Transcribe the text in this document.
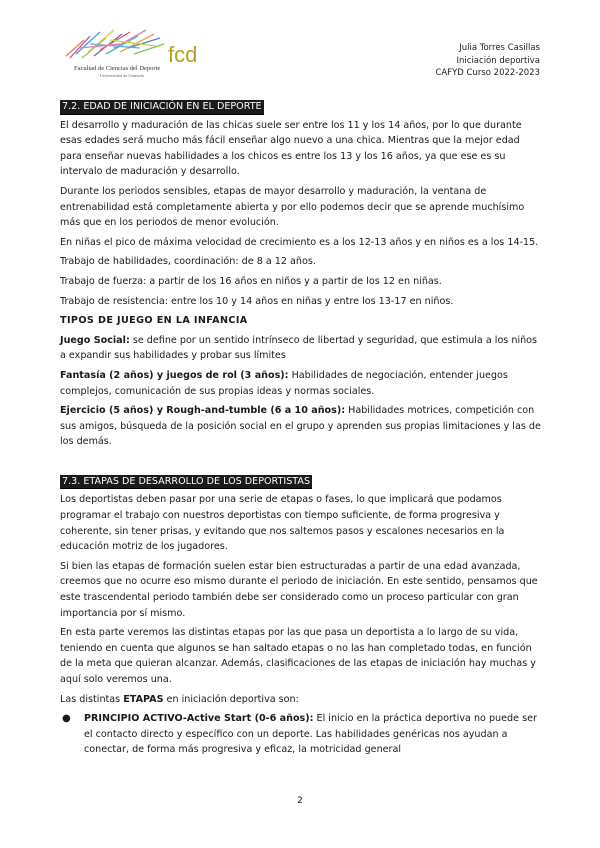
fcd
Facultad de Ciencias del Deporte
Universidad de Granada
Julia Torres Casillas
Iniciación deportiva
CAFYD Curso 2022-2023
7.2. EDAD DE INICIACIÓN EN EL DEPORTE

El desarrollo y maduración de las chicas suele ser entre los 11 y los 14 años, por lo que durante esas edades será mucho más fácil enseñar algo nuevo a una chica. Mientras que la mejor edad para enseñar nuevas habilidades a los chicos es entre los 13 y los 16 años, ya que ese es su intervalo de maduración y desarrollo.

Durante los periodos sensibles, etapas de mayor desarrollo y maduración, la ventana de entrenabilidad está completamente abierta y por ello podemos decir que se aprende muchísimo más que en los periodos de menor evolución.

En niñas el pico de máxima velocidad de crecimiento es a los 12-13 años y en niños es a los 14-15.

Trabajo de habilidades, coordinación: de 8 a 12 años.

Trabajo de fuerza: a partir de los 16 años en niños y a partir de los 12 en niñas.

Trabajo de resistencia: entre los 10 y 14 años en niñas y entre los 13-17 en niños.

TIPOS DE JUEGO EN LA INFANCIA

Juego Social: se define por un sentido intrínseco de libertad y seguridad, que estimula a los niños a expandir sus habilidades y probar sus límites

Fantasía (2 años) y juegos de rol (3 años): Habilidades de negociación, entender juegos complejos, comunicación de sus propias ideas y normas sociales.

Ejercicio (5 años) y Rough-and-tumble (6 a 10 años): Habilidades motrices, competición con sus amigos, búsqueda de la posición social en el grupo y aprenden sus propias limitaciones y las de los demás.

7.3. ETAPAS DE DESARROLLO DE LOS DEPORTISTAS

Los deportistas deben pasar por una serie de etapas o fases, lo que implicará que podamos programar el trabajo con nuestros deportistas con tiempo suficiente, de forma progresiva y coherente, sin tener prisas, y evitando que nos saltemos pasos y escalones necesarios en la educación motriz de los jugadores.

Si bien las etapas de formación suelen estar bien estructuradas a partir de una edad avanzada, creemos que no ocurre eso mismo durante el periodo de iniciación. En este sentido, pensamos que este trascendental periodo también debe ser considerado como un proceso particular con gran importancia por sí mismo.

En esta parte veremos las distintas etapas por las que pasa un deportista a lo largo de su vida, teniendo en cuenta que algunos se han saltado etapas o no las han completado todas, en función de la meta que quieran alcanzar. Además, clasificaciones de las etapas de iniciación hay muchas y aquí solo veremos una.

Las distintas ETAPAS en iniciación deportiva son:

● PRINCIPIO ACTIVO-Active Start (0-6 años): El inicio en la práctica deportiva no puede ser el contacto directo y específico con un deporte. Las habilidades genéricas nos ayudan a conectar, de forma más progresiva y eficaz, la motricidad general
2
